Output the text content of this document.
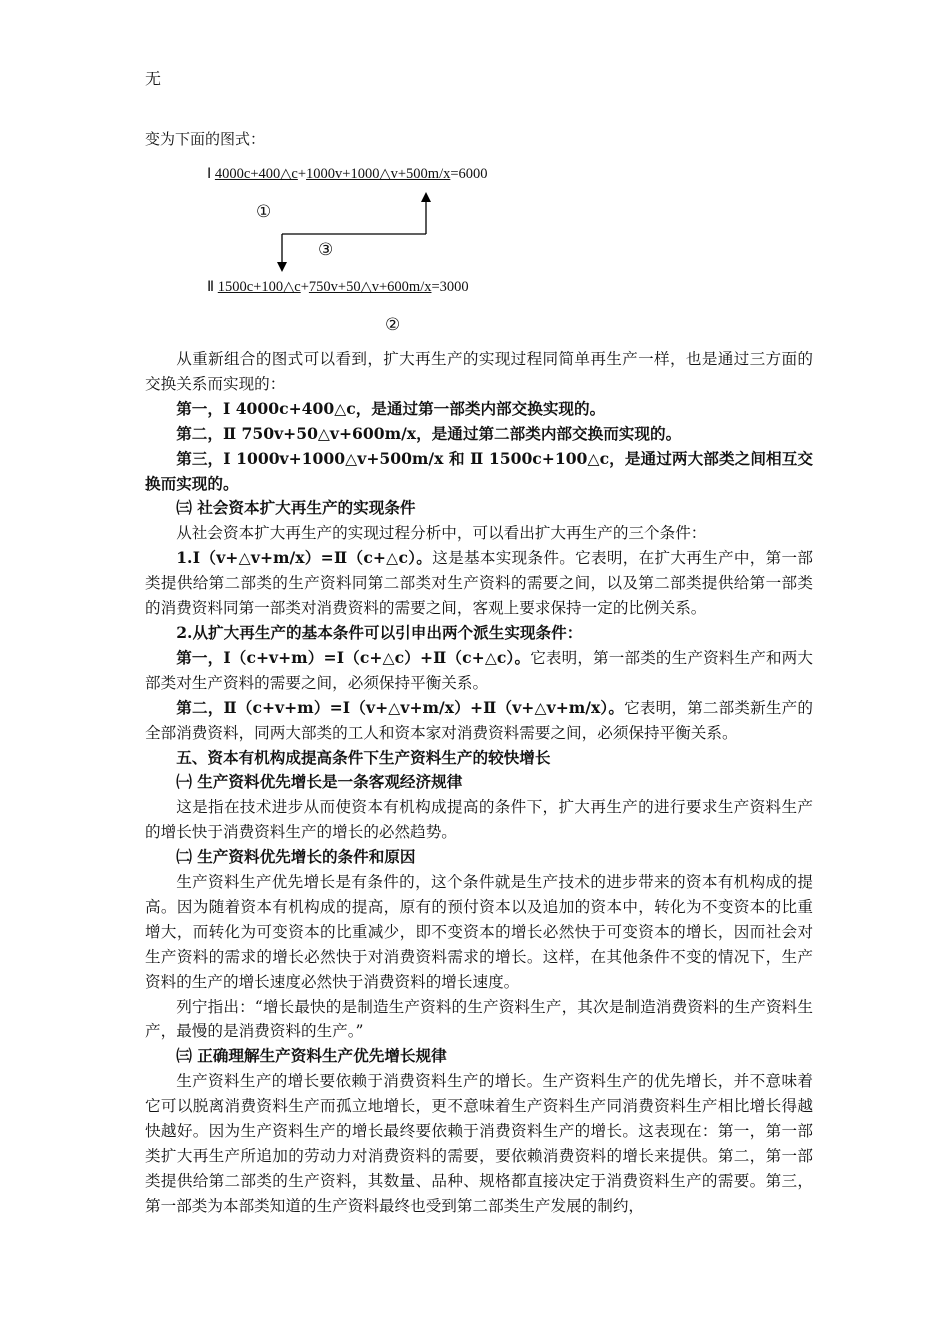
无
变为下面的图式：
Ⅰ 4000c+400△c+1000v+1000△v+500m/x=6000
Ⅱ 1500c+100△c+750v+50△v+600m/x=3000
①
③
②

从重新组合的图式可以看到，扩大再生产的实现过程同简单再生产一样，也是通过三方面的交换关系而实现的：

第一，Ⅰ 4000c+400△c，是通过第一部类内部交换实现的。

第二，Ⅱ 750v+50△v+600m/x，是通过第二部类内部交换而实现的。

第三，Ⅰ 1000v+1000△v+500m/x 和 Ⅱ 1500c+100△c，是通过两大部类之间相互交换而实现的。

㈢ 社会资本扩大再生产的实现条件

从社会资本扩大再生产的实现过程分析中，可以看出扩大再生产的三个条件：

1.Ⅰ（v+△v+m/x）=Ⅱ（c+△c）。这是基本实现条件。它表明，在扩大再生产中，第一部类提供给第二部类的生产资料同第二部类对生产资料的需要之间，以及第二部类提供给第一部类的消费资料同第一部类对消费资料的需要之间，客观上要求保持一定的比例关系。

2.从扩大再生产的基本条件可以引申出两个派生实现条件：

第一，Ⅰ（c+v+m）=Ⅰ（c+△c）+Ⅱ（c+△c）。它表明，第一部类的生产资料生产和两大部类对生产资料的需要之间，必须保持平衡关系。

第二，Ⅱ（c+v+m）=Ⅰ（v+△v+m/x）+Ⅱ（v+△v+m/x）。它表明，第二部类新生产的全部消费资料，同两大部类的工人和资本家对消费资料需要之间，必须保持平衡关系。

五、资本有机构成提高条件下生产资料生产的较快增长

㈠ 生产资料优先增长是一条客观经济规律

这是指在技术进步从而使资本有机构成提高的条件下，扩大再生产的进行要求生产资料生产的增长快于消费资料生产的增长的必然趋势。

㈡ 生产资料优先增长的条件和原因

生产资料生产优先增长是有条件的，这个条件就是生产技术的进步带来的资本有机构成的提高。因为随着资本有机构成的提高，原有的预付资本以及追加的资本中，转化为不变资本的比重增大，而转化为可变资本的比重减少，即不变资本的增长必然快于可变资本的增长，因而社会对生产资料的需求的增长必然快于对消费资料需求的增长。这样，在其他条件不变的情况下，生产资料的生产的增长速度必然快于消费资料的增长速度。

列宁指出：“增长最快的是制造生产资料的生产资料生产，其次是制造消费资料的生产资料生产，最慢的是消费资料的生产。”

㈢ 正确理解生产资料生产优先增长规律

生产资料生产的增长要依赖于消费资料生产的增长。生产资料生产的优先增长，并不意味着它可以脱离消费资料生产而孤立地增长，更不意味着生产资料生产同消费资料生产相比增长得越快越好。因为生产资料生产的增长最终要依赖于消费资料生产的增长。这表现在：第一，第一部类扩大再生产所追加的劳动力对消费资料的需要，要依赖消费资料的增长来提供。第二，第一部类提供给第二部类的生产资料，其数量、品种、规格都直接决定于消费资料生产的需要。第三，第一部类为本部类知道的生产资料最终也受到第二部类生产发展的制约，
